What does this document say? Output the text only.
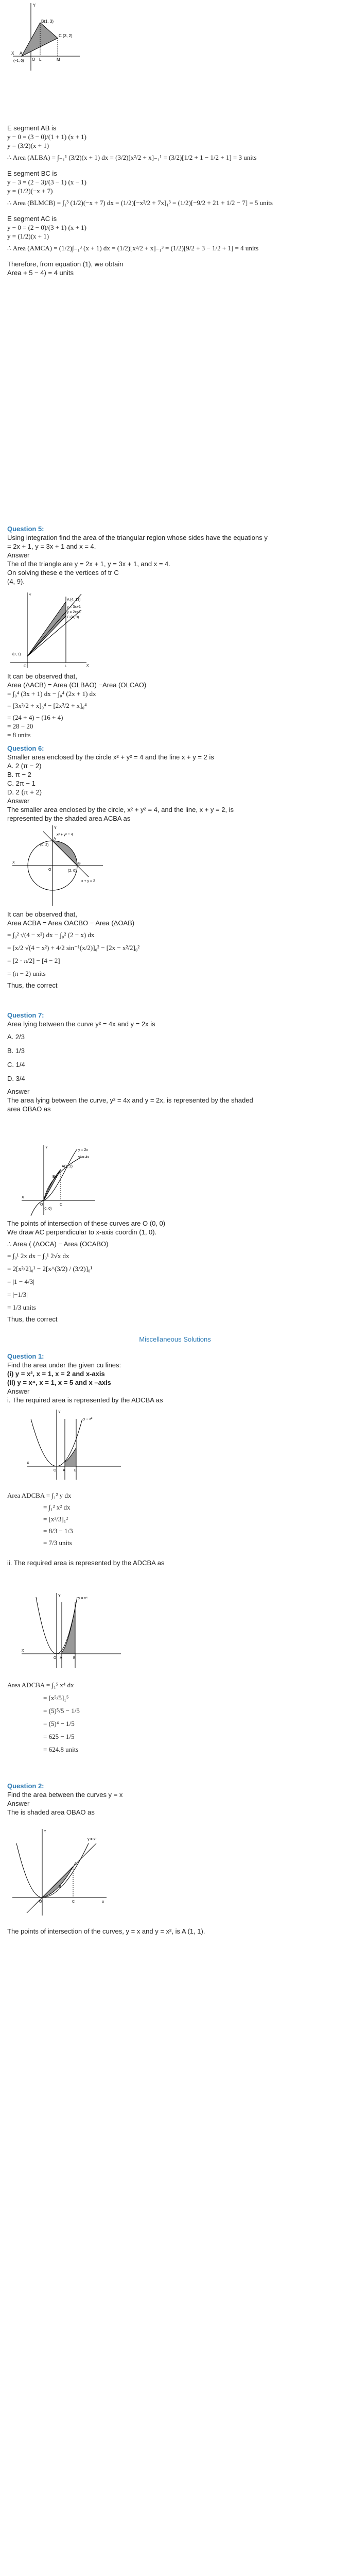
B(1, 3)
C (3, 2)
A
L	M
X
Y
(−1, 0) O
E segment AB is
y − 0 = (3 − 0)/(1 + 1) (x + 1)
y = (3/2)(x + 1)
∴ Area (ALBA) = ∫₋₁¹ (3/2)(x + 1) dx = (3/2)[x²/2 + x]₋₁¹ = (3/2)[1/2 + 1 − 1/2 + 1] = 3 units
E segment BC is
y − 3 = (2 − 3)/(3 − 1) (x − 1)
y = (1/2)(−x + 7)
∴ Area (BLMCB) = ∫₁³ (1/2)(−x + 7) dx = (1/2)[−x²/2 + 7x]₁³ = (1/2)[−9/2 + 21 + 1/2 − 7] = 5 units
E segment AC is
y − 0 = (2 − 0)/(3 + 1) (x + 1)
y = (1/2)(x + 1)
∴ Area (AMCA) = (1/2)∫₋₁³ (x + 1) dx = (1/2)[x²/2 + x]₋₁³ = (1/2)[9/2 + 3 − 1/2 + 1] = 4 units
Therefore, from equation (1), we obtain
Area + 5 − 4) = 4 units
Question 5:
Using integration find the area of the triangular region whose sides have the equations y
= 2x + 1, y = 3x + 1 and x = 4.
Answer
The of the triangle are y = 2x + 1, y = 3x + 1, and x = 4.
On solving these e the vertices of tr C
(4, 9).
A (4, 13)
y = 3x+1
y = 2x+1
C (4, 9)
(0, 1)
O	L	X
Y
It can be observed that,
Area (ΔACB) = Area (OLBAO) −Area (OLCAO)
= ∫₀⁴ (3x + 1) dx − ∫₀⁴ (2x + 1) dx
= [3x²/2 + x]₀⁴ − [2x²/2 + x]₀⁴
= (24 + 4) − (16 + 4)
= 28 − 20
= 8 units
Question 6:
Smaller area enclosed by the circle x² + y² = 4 and the line x + y = 2 is
A. 2 (π − 2)
B. π − 2
C. 2π − 1
D. 2 (π + 2)
Answer
The smaller area enclosed by the circle, x² + y² = 4, and the line, x + y = 2, is
represented by the shaded area ACBA as
x² + y² = 4
(0, 2)
A
B
(2, 0)
O
x + y = 2
X
Y
It can be observed that,
Area ACBA = Area OACBO − Area (ΔOAB)
= ∫₀² √(4 − x²) dx − ∫₀² (2 − x) dx
= [x/2 √(4 − x²) + 4/2 sin⁻¹(x/2)]₀² − [2x − x²/2]₀²
= [2 · π/2] − [4 − 2]
= (π − 2) units
Thus, the correct
Question 7:
Area lying between the curve y² = 4x and y = 2x is
A. 2/3
B. 1/3
C. 1/4
D. 3/4
Answer
The area lying between the curve, y² = 4x and y = 2x, is represented by the shaded
area OBAO as
y = 2x
y² = 4x
A(1, 2)
B
O	C
(0, 0)
X
Y
The points of intersection of these curves are O (0, 0)
We draw AC perpendicular to x-axis coordin (1, 0).
∴ Area ( (ΔOCA) − Area (OCABO)
= ∫₀¹ 2x dx − ∫₀¹ 2√x dx
= 2[x²/2]₀¹ − 2[x^(3/2) / (3/2)]₀¹
= |1 − 4/3|
= |−1/3|
= 1/3 units
Thus, the correct
Miscellaneous Solutions
Question 1:
Find the area under the given cu lines:
(i) y = x², x = 1, x = 2 and x-axis
(ii) y = x⁴, x = 1, x = 5 and x –axis
Answer
i. The required area is represented by the ADCBA as
y = x²
O A B
X
Y
Area ADCBA = ∫₁² y dx
= ∫₁² x² dx
= [x³/3]₁²
= 8/3 − 1/3
= 7/3 units
ii. The required area is represented by the ADCBA as
y = x⁴
O A	B
X
Y
Area ADCBA = ∫₁⁵ x⁴ dx
= [x⁵/5]₁⁵
= (5)⁵/5 − 1/5
= (5)⁴ − 1/5
= 625 − 1/5
= 624.8 units
Question 2:
Find the area between the curves y = x
Answer
The is shaded area OBAO as
y = x²
A
B
O	C	X
Y
The points of intersection of the curves, y = x and y = x², is A (1, 1).
